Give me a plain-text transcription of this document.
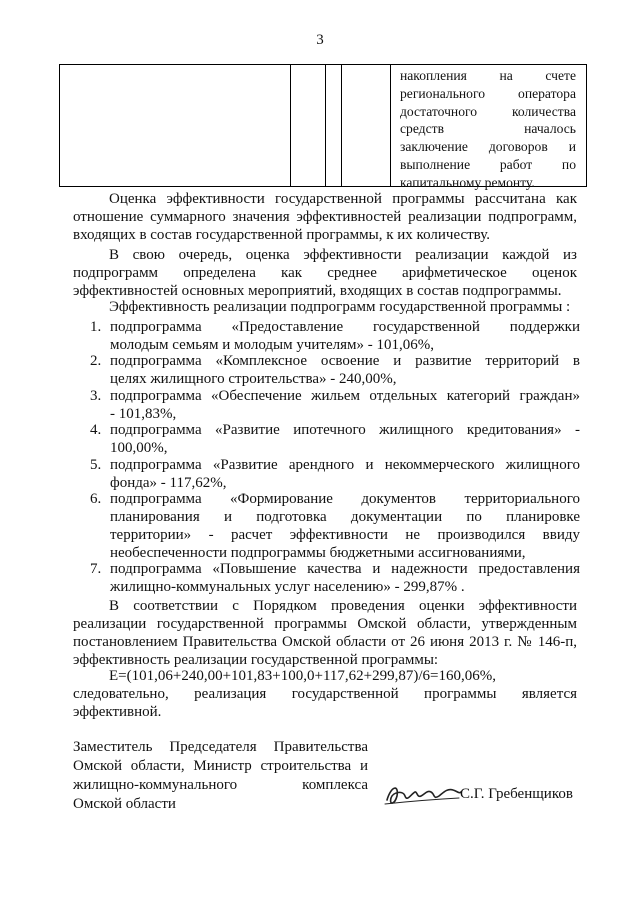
3
накопления на счете
регионального оператора
достаточного количества
средств началось
заключение договоров и
выполнение работ по
капитальному ремонту.
Оценка эффективности государственной программы рассчитана как
отношение суммарного значения эффективностей реализации подпрограмм,
входящих в состав государственной программы, к их количеству.
В свою очередь, оценка эффективности реализации каждой из
подпрограмм определена как среднее арифметическое оценок
эффективностей основных мероприятий, входящих в состав подпрограммы.
Эффективность реализации подпрограмм государственной программы :
1. подпрограмма «Предоставление государственной поддержки
молодым семьям и молодым учителям» - 101,06%,
2. подпрограмма «Комплексное освоение и развитие территорий в
целях жилищного строительства» - 240,00%,
3. подпрограмма «Обеспечение жильем отдельных категорий граждан»
- 101,83%,
4. подпрограмма «Развитие ипотечного жилищного кредитования» -
100,00%,
5. подпрограмма «Развитие арендного и некоммерческого жилищного
фонда» - 117,62%,
6. подпрограмма «Формирование документов территориального
планирования и подготовка документации по планировке
территории» - расчет эффективности не производился ввиду
необеспеченности подпрограммы бюджетными ассигнованиями,
7. подпрограмма «Повышение качества и надежности предоставления
жилищно-коммунальных услуг населению» - 299,87% .
В соответствии с Порядком проведения оценки эффективности
реализации государственной программы Омской области, утвержденным
постановлением Правительства Омской области от 26 июня 2013 г. № 146-п,
эффективность реализации государственной программы:
E=(101,06+240,00+101,83+100,0+117,62+299,87)/6=160,06%,
следовательно, реализация государственной программы является
эффективной.
Заместитель Председателя Правительства
Омской области, Министр строительства и
жилищно-коммунального комплекса
Омской области
С.Г. Гребенщиков
